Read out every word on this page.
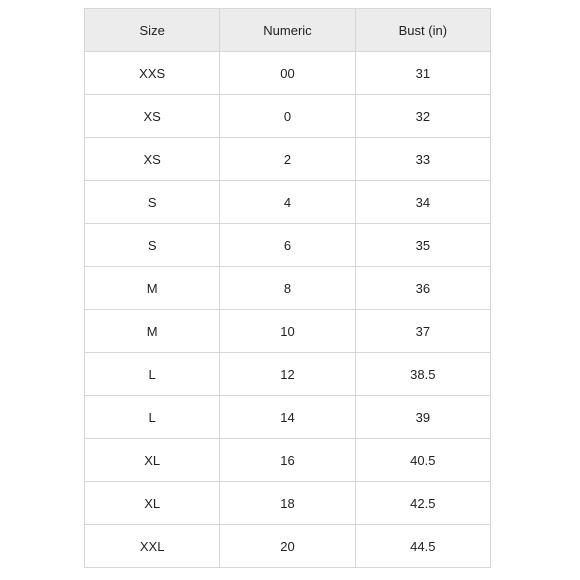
Size	Numeric	Bust (in)
XXS	00	31
XS	0	32
XS	2	33
S	4	34
S	6	35
M	8	36
M	10	37
L	12	38.5
L	14	39
XL	16	40.5
XL	18	42.5
XXL	20	44.5
